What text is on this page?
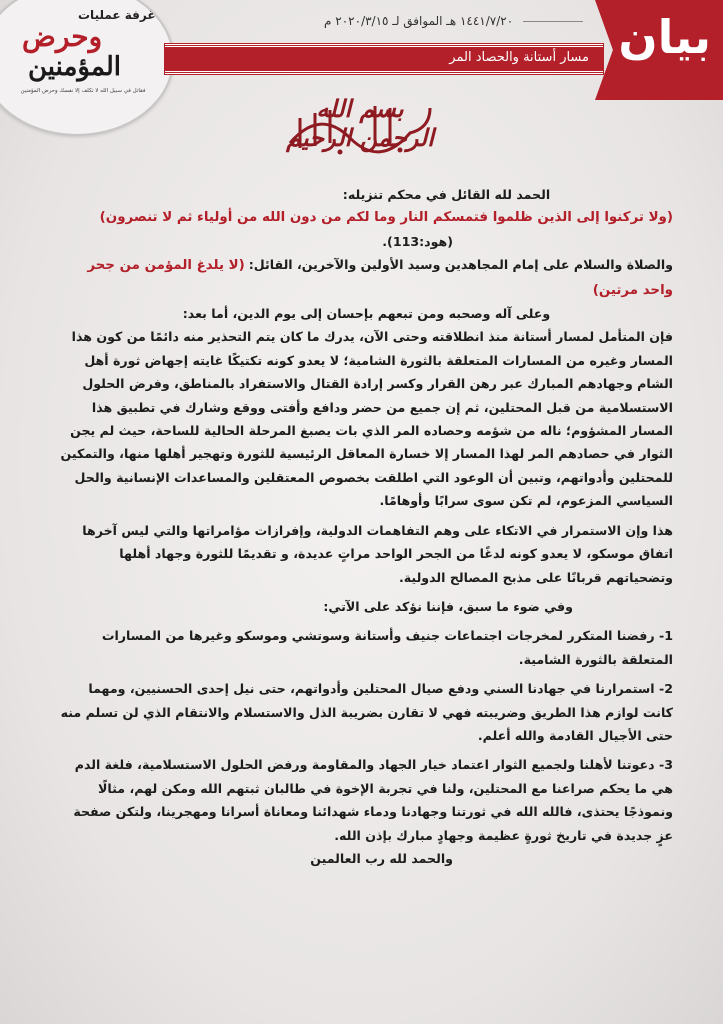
غرفة عمليات
وحرض
المؤمنين
فقاتل في سبيل الله لا تكلف إلا نفسك وحرض المؤمنين
١٤٤١/٧/٢٠ هـ الموافق لـ ٢٠٢٠/٣/١٥ م
مسار أستانة والحصاد المر بيان
بسم الله الرحمن الرحيم

الحمد لله القائل في محكم تنزيله:

(ولا تركنوا إلى الذين ظلموا فتمسكم النار وما لكم من دون الله من أولياء ثم لا تنصرون)

(هود:113).

والصلاة والسلام على إمام المجاهدين وسيد الأولين والآخرين، القائل: (لا يلدغ المؤمن من جحر واحد مرتين)

وعلى آله وصحبه ومن تبعهم بإحسان إلى يوم الدين، أما بعد:

فإن المتأمل لمسار أستانة منذ انطلاقته وحتى الآن، يدرك ما كان يتم التحذير منه دائمًا من كون هذا المسار وغيره من المسارات المتعلقة بالثورة الشامية؛ لا يعدو كونه تكتيكًا غايته إجهاض ثورة أهل الشام وجهادهم المبارك عبر رهن القرار وكسر إرادة القتال والاستفراد بالمناطق، وفرض الحلول الاستسلامية من قبل المحتلين، ثم إن جميع من حضر ودافع وأفتى ووقع وشارك في تطبيق هذا المسار المشؤوم؛ ناله من شؤمه وحصاده المر الذي بات يصبغ المرحلة الحالية للساحة، حيث لم يجن الثوار في حصادهم المر لهذا المسار إلا خسارة المعاقل الرئيسية للثورة وتهجير أهلها منها، والتمكين للمحتلين وأدواتهم، وتبين أن الوعود التي اطلقت بخصوص المعتقلين والمساعدات الإنسانية والحل السياسي المزعوم، لم تكن سوى سرابًا وأوهامًا.

هذا وإن الاستمرار في الاتكاء على وهم التفاهمات الدولية، وإفرازات مؤامراتها والتي ليس آخرها اتفاق موسكو، لا يعدو كونه لدغًا من الجحر الواحد مراتٍ عديدة، و تقديمًا للثورة وجهاد أهلها وتضحياتهم قربانًا على مذبح المصالح الدولية.

وفي ضوء ما سبق، فإننا نؤكد على الآتي:

1- رفضنا المتكرر لمخرجات اجتماعات جنيف وأستانة وسوتشي وموسكو وغيرها من المسارات المتعلقة بالثورة الشامية.

2- استمرارنا في جهادنا السني ودفع صيال المحتلين وأدواتهم، حتى نيل إحدى الحسنيين، ومهما كانت لوازم هذا الطريق وضريبته فهي لا تقارن بضريبة الذل والاستسلام والانتقام الذي لن تسلم منه حتى الأجيال القادمة والله أعلم.

3- دعوتنا لأهلنا ولجميع الثوار اعتماد خيار الجهاد والمقاومة ورفض الحلول الاستسلامية، فلغة الدم هي ما يحكم صراعنا مع المحتلين، ولنا في تجربة الإخوة في طالبان ثبتهم الله ومكن لهم، مثالًا ونموذجًا يحتذى، فالله الله في ثورتنا وجهادنا ودماء شهدائنا ومعاناة أسرانا ومهجرينا، ولتكن صفحة عزٍ جديدة في تاريخ ثورةٍ عظيمة وجهادٍ مبارك بإذن الله.

والحمد لله رب العالمين
